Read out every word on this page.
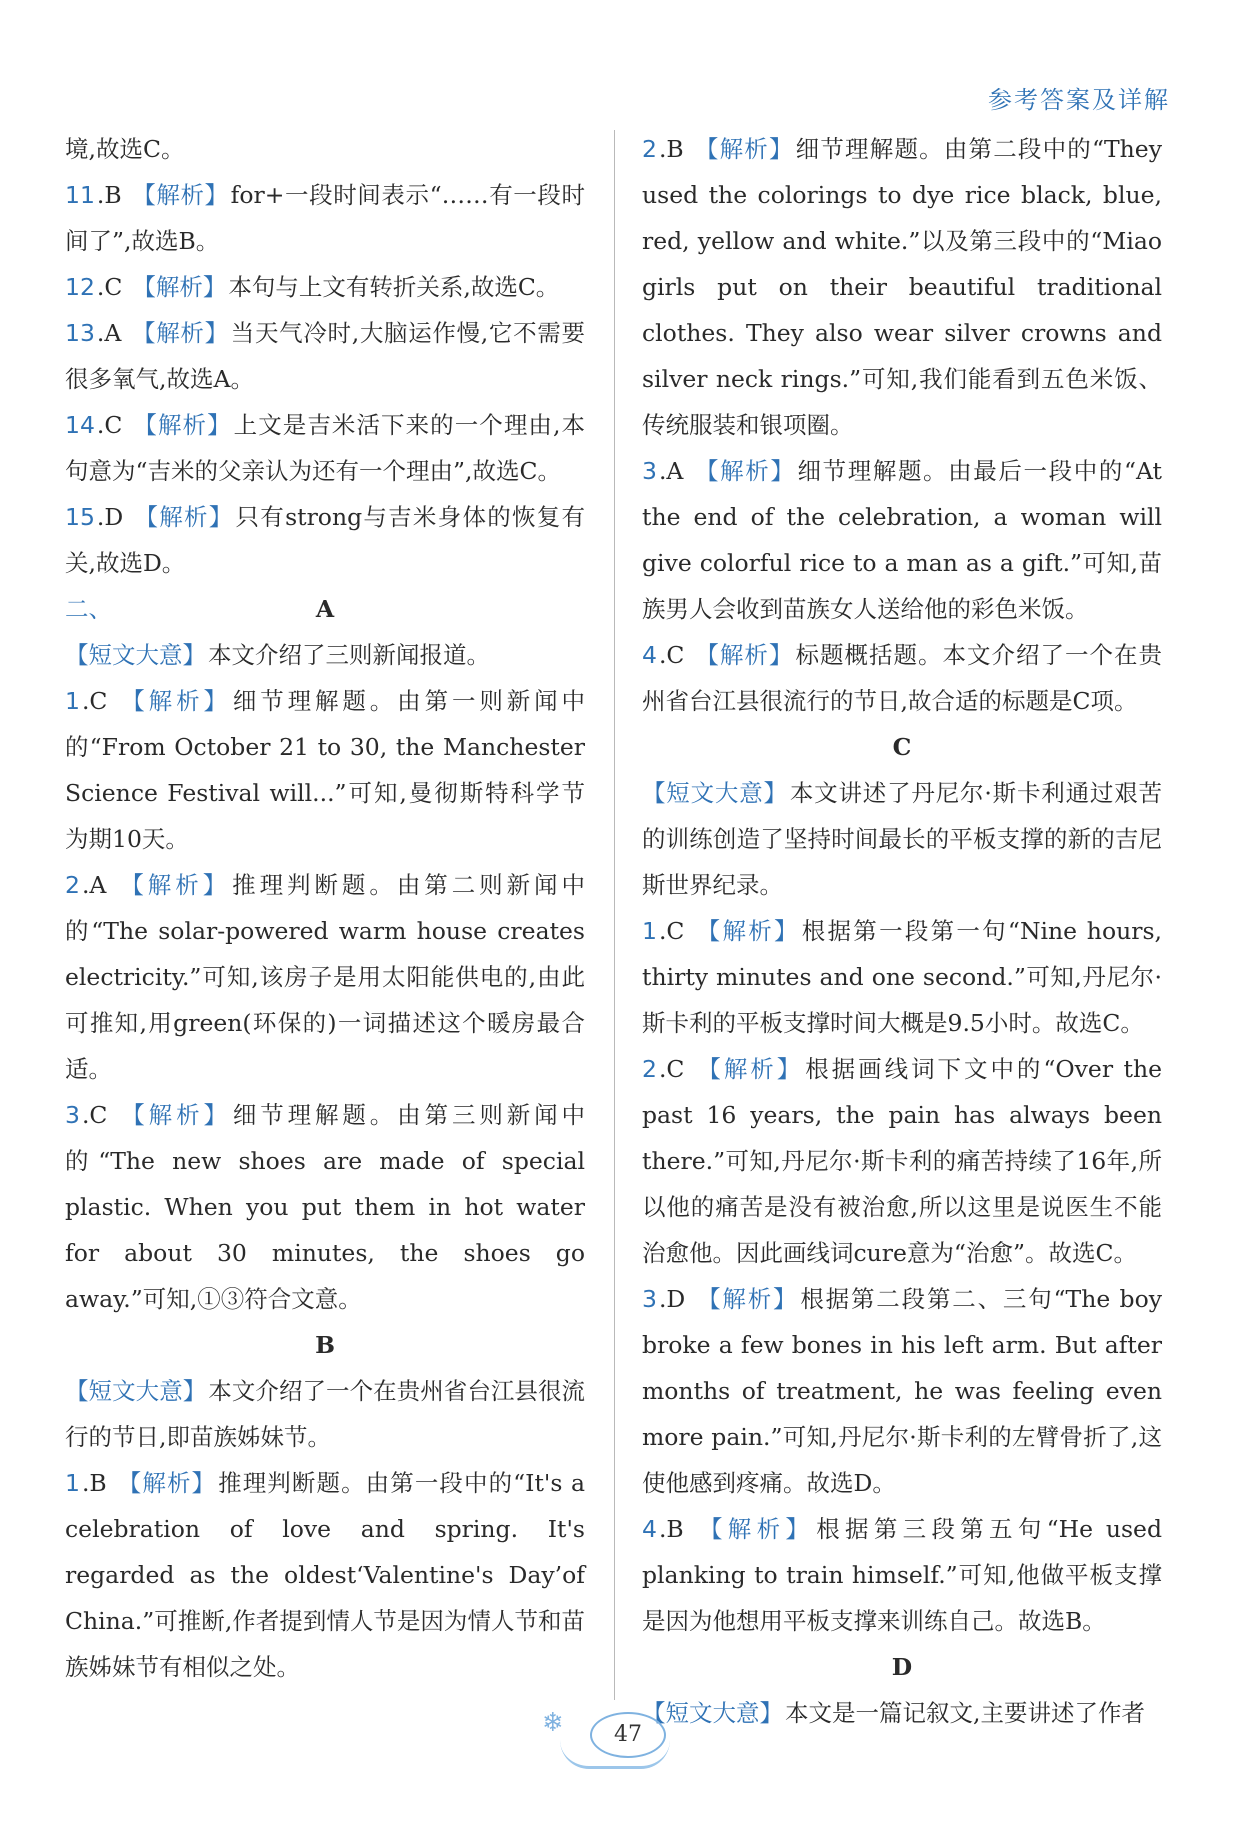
参考答案及详解

境,故选C。

11.B 【解析】for+一段时间表示“……有一段时间了”,故选B。

12.C 【解析】本句与上文有转折关系,故选C。

13.A 【解析】当天气冷时,大脑运作慢,它不需要很多氧气,故选A。

14.C 【解析】上文是吉米活下来的一个理由,本句意为“吉米的父亲认为还有一个理由”,故选C。

15.D 【解析】只有strong与吉米身体的恢复有关,故选D。

二、	A

【短文大意】本文介绍了三则新闻报道。

1.C 【解析】细节理解题。由第一则新闻中的“From October 21 to 30, the Manchester Science Festival will...”可知,曼彻斯特科学节为期10天。

2.A 【解析】推理判断题。由第二则新闻中的“The solar-powered warm house creates electricity.”可知,该房子是用太阳能供电的,由此可推知,用green(环保的)一词描述这个暖房最合适。

3.C 【解析】细节理解题。由第三则新闻中的“The new shoes are made of special plastic. When you put them in hot water for about 30 minutes, the shoes go away.”可知,①③符合文意。

B

【短文大意】本文介绍了一个在贵州省台江县很流行的节日,即苗族姊妹节。

1.B 【解析】推理判断题。由第一段中的“It's a celebration of love and spring. It's regarded as the oldest‘Valentine's Day’of China.”可推断,作者提到情人节是因为情人节和苗族姊妹节有相似之处。

2.B 【解析】细节理解题。由第二段中的“They used the colorings to dye rice black, blue, red, yellow and white.”以及第三段中的“Miao girls put on their beautiful traditional clothes. They also wear silver crowns and silver neck rings.”可知,我们能看到五色米饭、传统服装和银项圈。

3.A 【解析】细节理解题。由最后一段中的“At the end of the celebration, a woman will give colorful rice to a man as a gift.”可知,苗族男人会收到苗族女人送给他的彩色米饭。

4.C 【解析】标题概括题。本文介绍了一个在贵州省台江县很流行的节日,故合适的标题是C项。

C

【短文大意】本文讲述了丹尼尔·斯卡利通过艰苦的训练创造了坚持时间最长的平板支撑的新的吉尼斯世界纪录。

1.C 【解析】根据第一段第一句“Nine hours, thirty minutes and one second.”可知,丹尼尔·斯卡利的平板支撑时间大概是9.5小时。故选C。

2.C 【解析】根据画线词下文中的“Over the past 16 years, the pain has always been there.”可知,丹尼尔·斯卡利的痛苦持续了16年,所以他的痛苦是没有被治愈,所以这里是说医生不能治愈他。因此画线词cure意为“治愈”。故选C。

3.D 【解析】根据第二段第二、三句“The boy broke a few bones in his left arm. But after months of treatment, he was feeling even more pain.”可知,丹尼尔·斯卡利的左臂骨折了,这使他感到疼痛。故选D。

4.B 【解析】根据第三段第五句“He used planking to train himself.”可知,他做平板支撑是因为他想用平板支撑来训练自己。故选B。

D

【短文大意】本文是一篇记叙文,主要讲述了作者

❄	47
